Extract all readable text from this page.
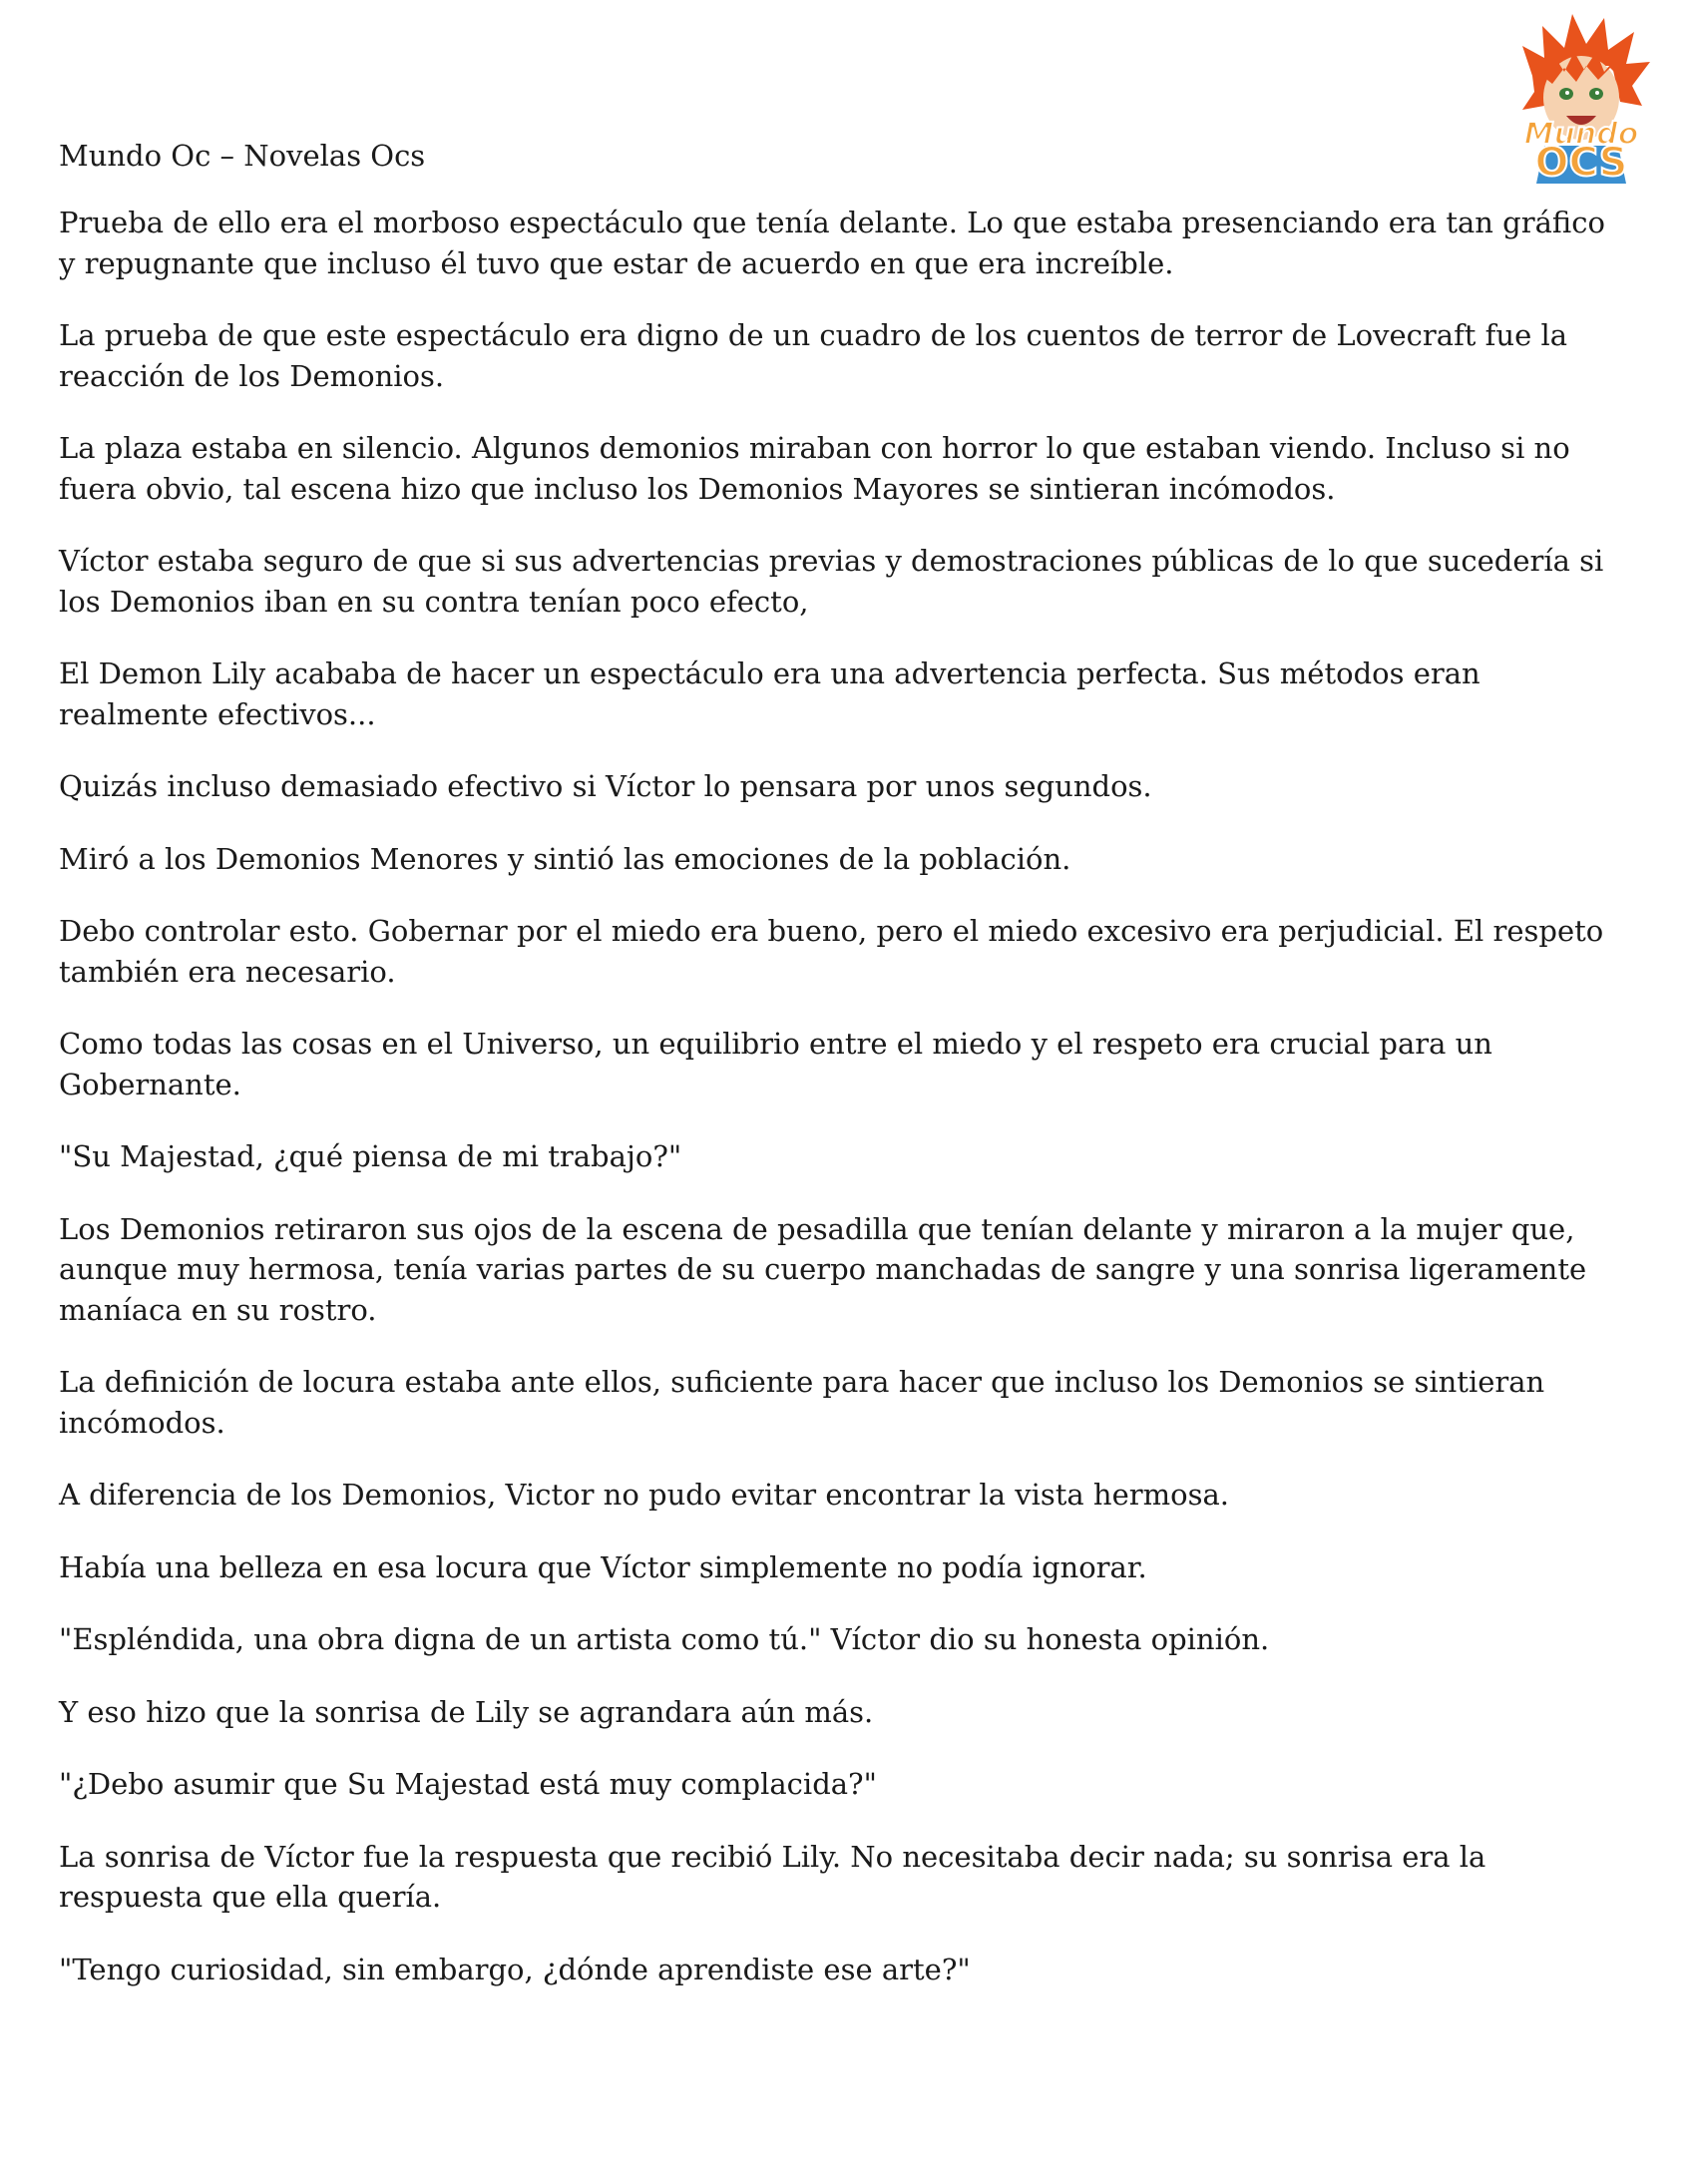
Mundo
OCS
Mundo Oc – Novelas Ocs

Prueba de ello era el morboso espectáculo que tenía delante. Lo que estaba presenciando era tan gráfico y repugnante que incluso él tuvo que estar de acuerdo en que era increíble.

La prueba de que este espectáculo era digno de un cuadro de los cuentos de terror de Lovecraft fue la reacción de los Demonios.

La plaza estaba en silencio. Algunos demonios miraban con horror lo que estaban viendo. Incluso si no fuera obvio, tal escena hizo que incluso los Demonios Mayores se sintieran incómodos.

Víctor estaba seguro de que si sus advertencias previas y demostraciones públicas de lo que sucedería si los Demonios iban en su contra tenían poco efecto,

El Demon Lily acababa de hacer un espectáculo era una advertencia perfecta. Sus métodos eran realmente efectivos...

Quizás incluso demasiado efectivo si Víctor lo pensara por unos segundos.

Miró a los Demonios Menores y sintió las emociones de la población.

Debo controlar esto. Gobernar por el miedo era bueno, pero el miedo excesivo era perjudicial. El respeto también era necesario.

Como todas las cosas en el Universo, un equilibrio entre el miedo y el respeto era crucial para un Gobernante.

"Su Majestad, ¿qué piensa de mi trabajo?"

Los Demonios retiraron sus ojos de la escena de pesadilla que tenían delante y miraron a la mujer que, aunque muy hermosa, tenía varias partes de su cuerpo manchadas de sangre y una sonrisa ligeramente maníaca en su rostro.

La definición de locura estaba ante ellos, suficiente para hacer que incluso los Demonios se sintieran incómodos.

A diferencia de los Demonios, Victor no pudo evitar encontrar la vista hermosa.

Había una belleza en esa locura que Víctor simplemente no podía ignorar.

"Espléndida, una obra digna de un artista como tú." Víctor dio su honesta opinión.

Y eso hizo que la sonrisa de Lily se agrandara aún más.

"¿Debo asumir que Su Majestad está muy complacida?"

La sonrisa de Víctor fue la respuesta que recibió Lily. No necesitaba decir nada; su sonrisa era la respuesta que ella quería.

"Tengo curiosidad, sin embargo, ¿dónde aprendiste ese arte?"
